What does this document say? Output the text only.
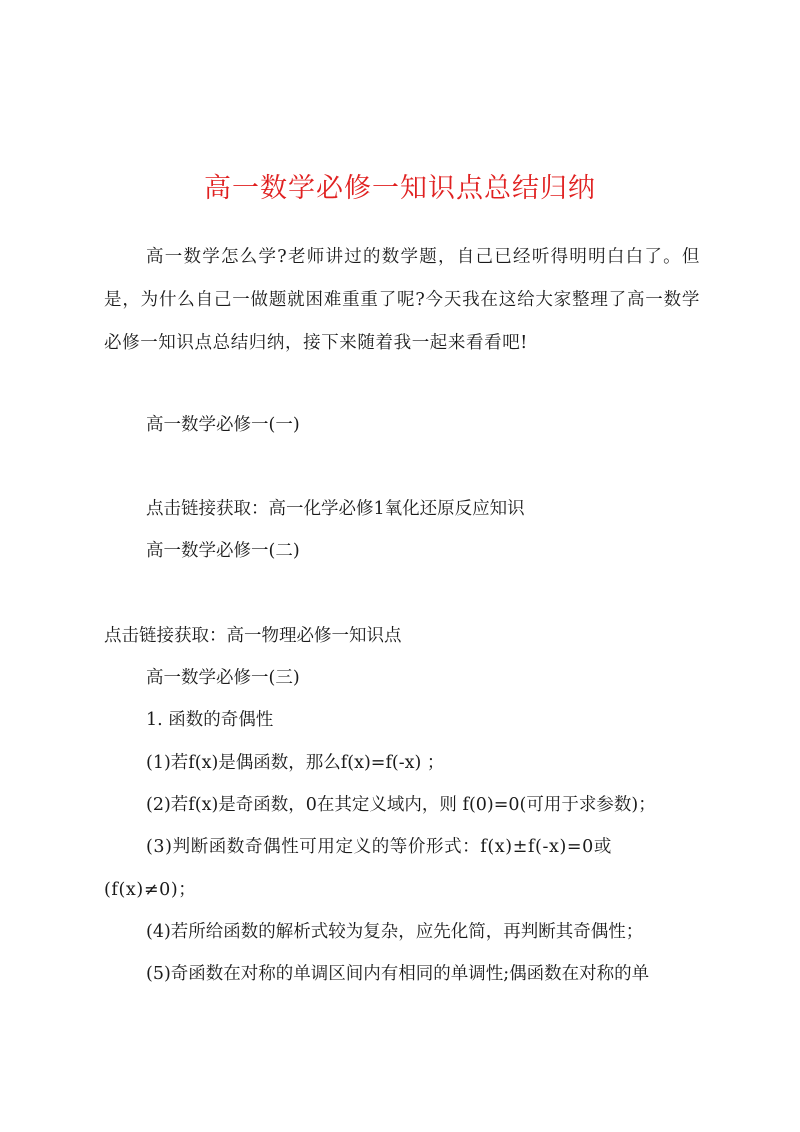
高一数学必修一知识点总结归纳
高一数学怎么学?老师讲过的数学题，自己已经听得明明白白了。但是，为什么自己一做题就困难重重了呢?今天我在这给大家整理了高一数学必修一知识点总结归纳，接下来随着我一起来看看吧!
高一数学必修一(一)
点击链接获取：高一化学必修1氧化还原反应知识
高一数学必修一(二)
点击链接获取：高一物理必修一知识点
高一数学必修一(三)
1. 函数的奇偶性
(1)若f(x)是偶函数，那么f(x)=f(-x) ；
(2)若f(x)是奇函数，0在其定义域内，则 f(0)=0(可用于求参数)；
(3)判断函数奇偶性可用定义的等价形式：f(x)±f(-x)=0或 (f(x)≠0)；
(4)若所给函数的解析式较为复杂，应先化简，再判断其奇偶性；
(5)奇函数在对称的单调区间内有相同的单调性;偶函数在对称的单
